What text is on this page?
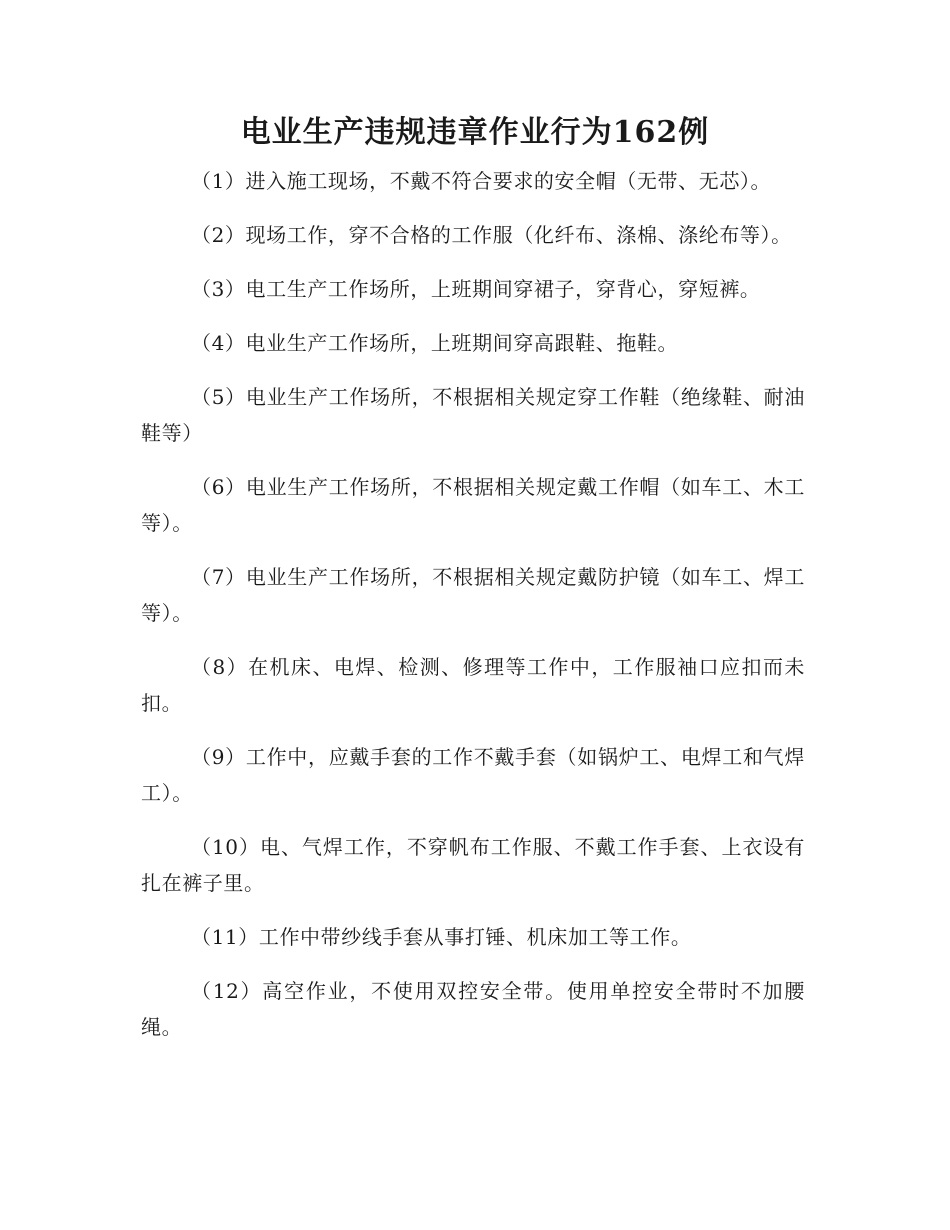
电业生产违规违章作业行为162例

（1）进入施工现场，不戴不符合要求的安全帽（无带、无芯）。

（2）现场工作，穿不合格的工作服（化纤布、涤棉、涤纶布等）。

（3）电工生产工作场所，上班期间穿裙子，穿背心，穿短裤。

（4）电业生产工作场所，上班期间穿高跟鞋、拖鞋。

（5）电业生产工作场所，不根据相关规定穿工作鞋（绝缘鞋、耐油鞋等）

（6）电业生产工作场所，不根据相关规定戴工作帽（如车工、木工等）。

（7）电业生产工作场所，不根据相关规定戴防护镜（如车工、焊工等）。

（8）在机床、电焊、检测、修理等工作中，工作服袖口应扣而未扣。

（9）工作中，应戴手套的工作不戴手套（如锅炉工、电焊工和气焊工）。

（10）电、气焊工作，不穿帆布工作服、不戴工作手套、上衣设有扎在裤子里。

（11）工作中带纱线手套从事打锤、机床加工等工作。

（12）高空作业，不使用双控安全带。使用单控安全带时不加腰绳。
